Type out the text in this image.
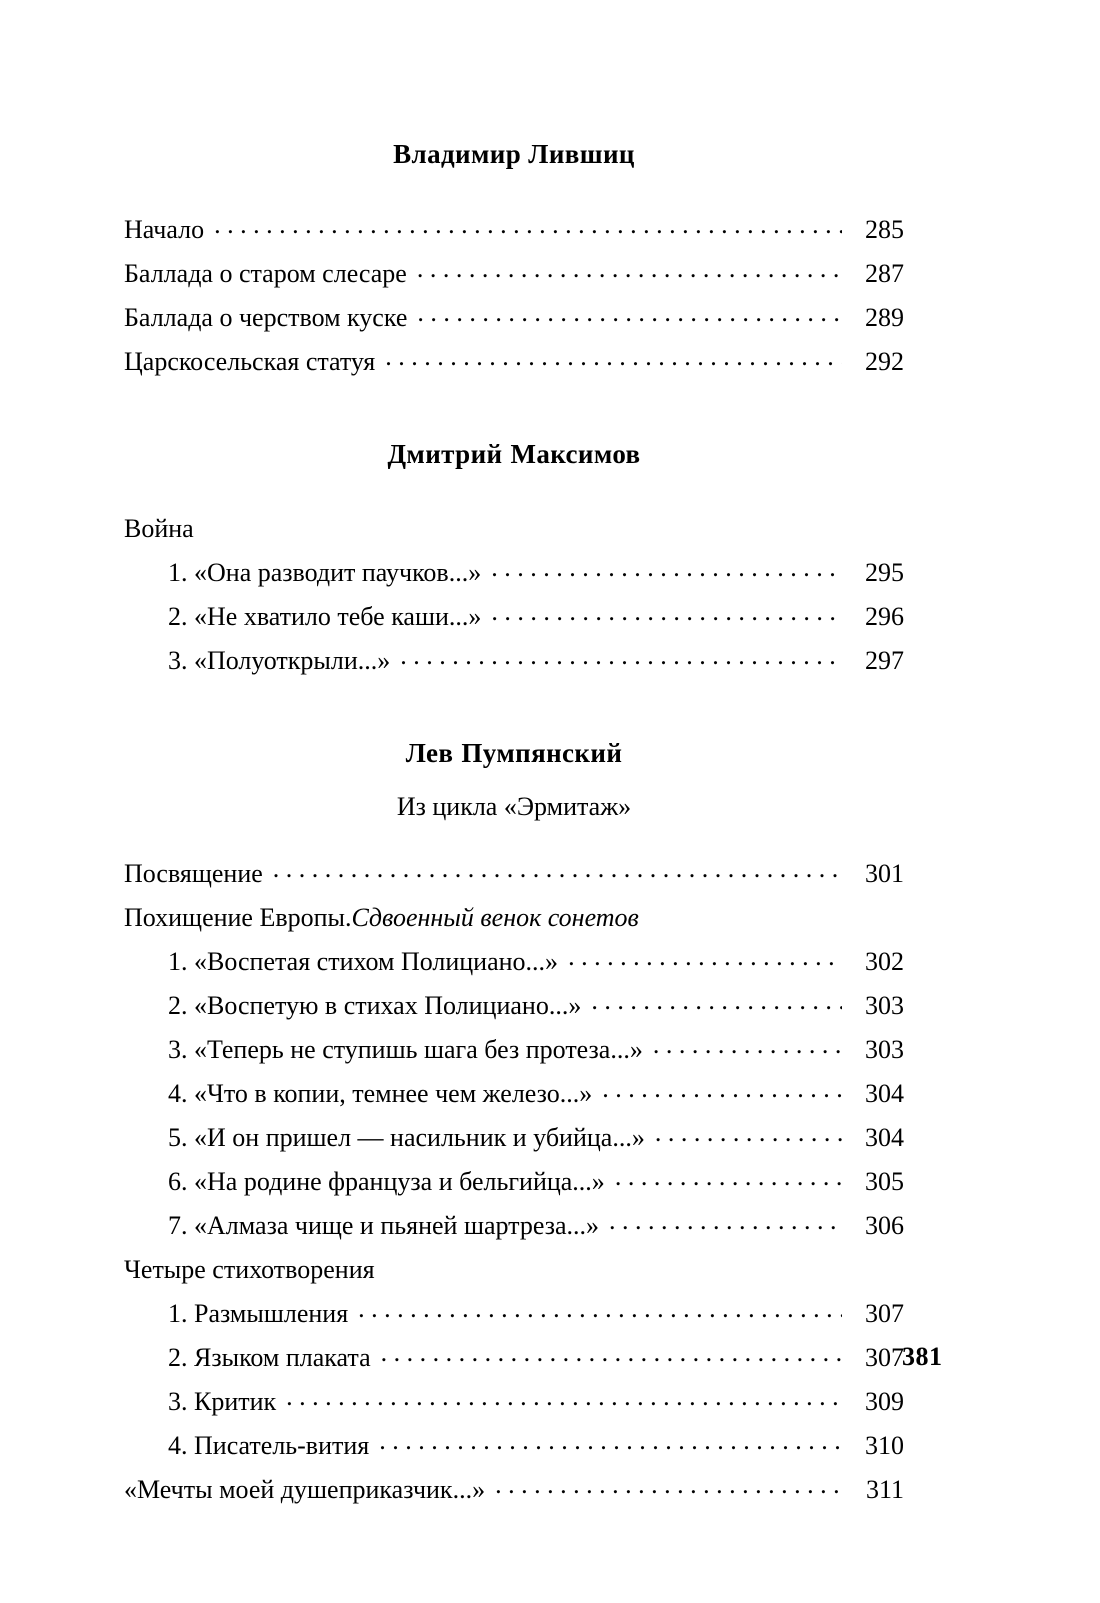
Владимир Лившиц
Начало . . .	285
Баллада о старом слесаре . . .	287
Баллада о черством куске . . .	289
Царскосельская статуя . . .	292
Дмитрий Максимов
Война
1. «Она разводит паучков...» . . .	295
2. «Не хватило тебе каши...» . . .	296
3. «Полуоткрыли...» . . .	297
Лев Пумпянский
Из цикла «Эрмитаж»
Посвящение . . .	301
Похищение Европы. Сдвоенный венок сонетов
1. «Воспетая стихом Полициано...» . . .	302
2. «Воспетую в стихах Полициано...» . . .	303
3. «Теперь не ступишь шага без протеза...» . . .	303
4. «Что в копии, темнее чем железо...» . . .	304
5. «И он пришел — насильник и убийца...» . . .	304
6. «На родине француза и бельгийца...» . . .	305
7. «Алмаза чище и пьяней шартреза...» . . .	306
Четыре стихотворения
1. Размышления . . .	307
2. Языком плаката . . .	307
3. Критик . . .	309
4. Писатель-вития . . .	310
«Мечты моей душеприказчик...» . . .	311
381
